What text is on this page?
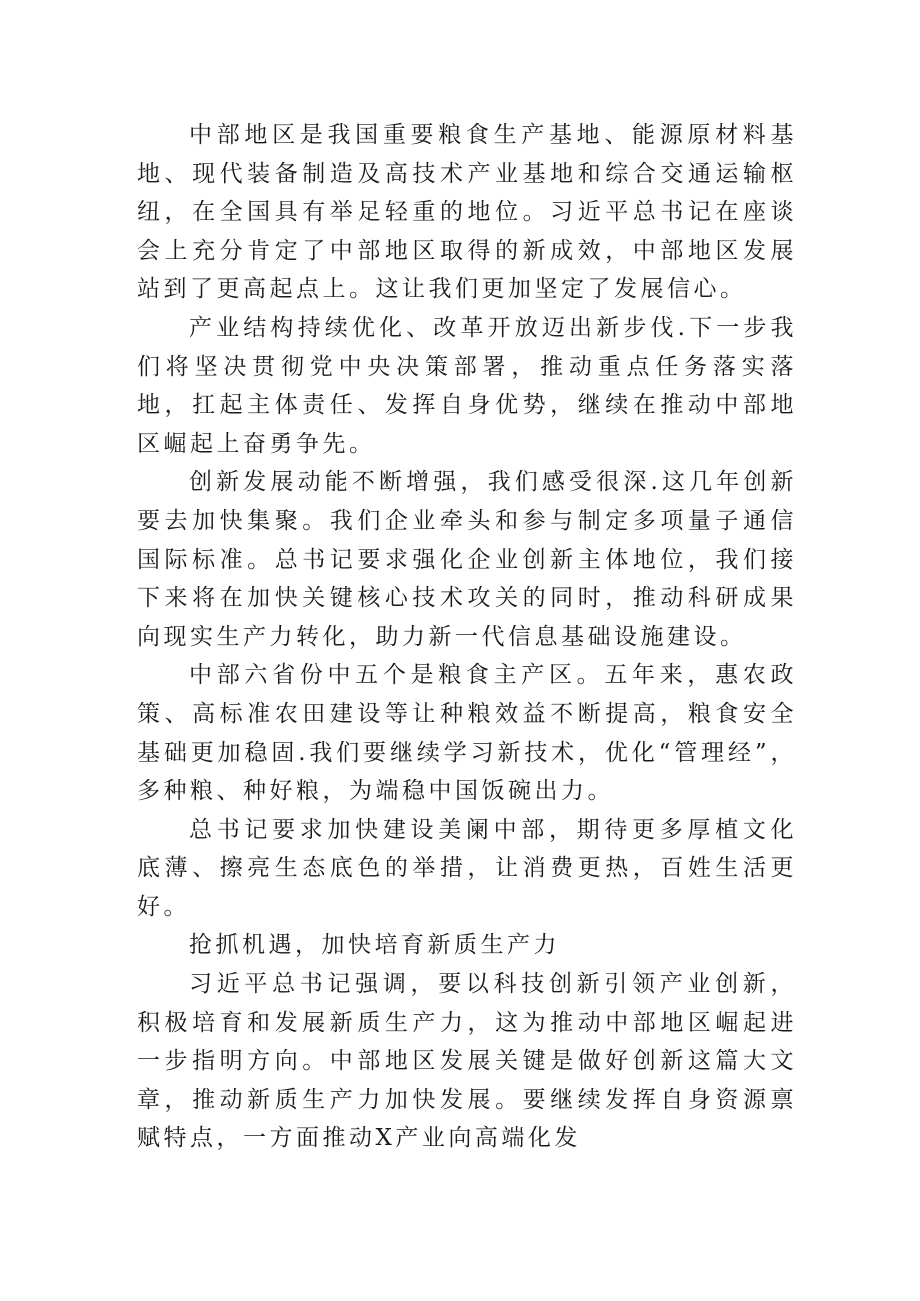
中部地区是我国重要粮食生产基地、能源原材料基地、现代装备制造及高技术产业基地和综合交通运输枢纽，在全国具有举足轻重的地位。习近平总书记在座谈会上充分肯定了中部地区取得的新成效，中部地区发展站到了更高起点上。这让我们更加坚定了发展信心。

产业结构持续优化、改革开放迈出新步伐.下一步我们将坚决贯彻党中央决策部署，推动重点任务落实落地，扛起主体责任、发挥自身优势，继续在推动中部地区崛起上奋勇争先。

创新发展动能不断增强，我们感受很深.这几年创新要去加快集聚。我们企业牵头和参与制定多项量子通信国际标准。总书记要求强化企业创新主体地位，我们接下来将在加快关键核心技术攻关的同时，推动科研成果向现实生产力转化，助力新一代信息基础设施建设。

中部六省份中五个是粮食主产区。五年来，惠农政策、高标准农田建设等让种粮效益不断提高，粮食安全基础更加稳固.我们要继续学习新技术，优化“管理经”，多种粮、种好粮，为端稳中国饭碗出力。

总书记要求加快建设美阑中部，期待更多厚植文化底薄、擦亮生态底色的举措，让消费更热，百姓生活更好。

抢抓机遇，加快培育新质生产力

习近平总书记强调，要以科技创新引领产业创新，积极培育和发展新质生产力，这为推动中部地区崛起进一步指明方向。中部地区发展关键是做好创新这篇大文章，推动新质生产力加快发展。要继续发挥自身资源禀赋特点，一方面推动X产业向高端化发
